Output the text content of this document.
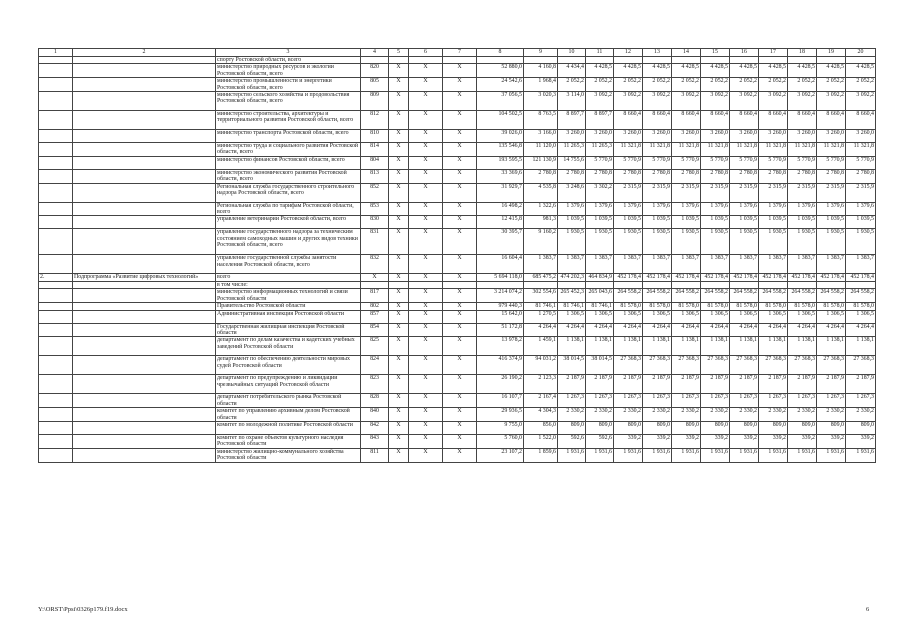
1	2	3	4	5	6	7	8	9	10	11	12	13	14	15	16	17	18	19	20
		спорту Ростовской области, всего																	
		министерство природных ресурсов и экологии Ростовской области, всего	820	X	X	X	52 880,0	4 160,8	4 434,4	4 428,5	4 428,5	4 428,5	4 428,5	4 428,5	4 428,5	4 428,5	4 428,5	4 428,5	4 428,5
		министерство промышленности и энергетики Ростовской области, всего	805	X	X	X	24 542,6	1 968,4	2 052,2	2 052,2	2 052,2	2 052,2	2 052,2	2 052,2	2 052,2	2 052,2	2 052,2	2 052,2	2 052,2
		министерство сельского хозяйства и продовольствия Ростовской области, всего	809	X	X	X	37 056,5	3 020,3	3 114,0	3 092,2	3 092,2	3 092,2	3 092,2	3 092,2	3 092,2	3 092,2	3 092,2	3 092,2	3 092,2
		министерство строительства, архитектуры и территориального развития Ростовской области, всего	812	X	X	X	104 502,5	8 763,5	8 897,7	8 897,7	8 660,4	8 660,4	8 660,4	8 660,4	8 660,4	8 660,4	8 660,4	8 660,4	8 660,4
		министерство транспорта Ростовской области, всего	810	X	X	X	39 026,0	3 166,0	3 260,0	3 260,0	3 260,0	3 260,0	3 260,0	3 260,0	3 260,0	3 260,0	3 260,0	3 260,0	3 260,0
		министерство труда и социального развития Ростовской области, всего	814	X	X	X	135 546,8	11 120,0	11 265,3	11 265,3	11 321,8	11 321,8	11 321,8	11 321,8	11 321,8	11 321,8	11 321,8	11 321,8	11 321,8
		министерство финансов Ростовской области, всего	804	X	X	X	193 595,5	121 130,9	14 755,6	5 770,9	5 770,9	5 770,9	5 770,9	5 770,9	5 770,9	5 770,9	5 770,9	5 770,9	5 770,9
		министерство экономического развития Ростовской области, всего	813	X	X	X	33 369,6	2 780,8	2 780,8	2 780,8	2 780,8	2 780,8	2 780,8	2 780,8	2 780,8	2 780,8	2 780,8	2 780,8	2 780,8
		Региональная служба государственного строительного надзора Ростовской области, всего	852	X	X	X	31 929,7	4 535,8	3 248,6	3 302,2	2 315,9	2 315,9	2 315,9	2 315,9	2 315,9	2 315,9	2 315,9	2 315,9	2 315,9
		Региональная служба по тарифам Ростовской области, всего	853	X	X	X	16 498,2	1 322,6	1 379,6	1 379,6	1 379,6	1 379,6	1 379,6	1 379,6	1 379,6	1 379,6	1 379,6	1 379,6	1 379,6
		управление ветеринарии Ростовской области, всего	830	X	X	X	12 415,8	981,3	1 039,5	1 039,5	1 039,5	1 039,5	1 039,5	1 039,5	1 039,5	1 039,5	1 039,5	1 039,5	1 039,5
		управление государственного надзора за техническим состоянием самоходных машин и других видов техники Ростовской области, всего	831	X	X	X	30 395,7	9 160,2	1 930,5	1 930,5	1 930,5	1 930,5	1 930,5	1 930,5	1 930,5	1 930,5	1 930,5	1 930,5	1 930,5
		управление государственной службы занятости населения Ростовской области, всего	832	X	X	X	16 604,4	1 383,7	1 383,7	1 383,7	1 383,7	1 383,7	1 383,7	1 383,7	1 383,7	1 383,7	1 383,7	1 383,7	1 383,7
2.	Подпрограмма «Развитие цифровых технологий»	всего	X	X	X	X	5 694 118,0	685 475,2	474 202,3	464 834,9	452 178,4	452 178,4	452 178,4	452 178,4	452 178,4	452 178,4	452 178,4	452 178,4	452 178,4
		в том числе:																	
		министерство информационных технологий и связи Ростовской области	817	X	X	X	3 214 074,2	302 554,6	265 452,3	265 043,6	264 558,2	264 558,2	264 558,2	264 558,2	264 558,2	264 558,2	264 558,2	264 558,2	264 558,2
		Правительство Ростовской области	802	X	X	X	979 440,3	81 746,1	81 746,1	81 746,1	81 578,0	81 578,0	81 578,0	81 578,0	81 578,0	81 578,0	81 578,0	81 578,0	81 578,0
		Административная инспекция Ростовской области	857	X	X	X	15 642,0	1 270,5	1 306,5	1 306,5	1 306,5	1 306,5	1 306,5	1 306,5	1 306,5	1 306,5	1 306,5	1 306,5	1 306,5
		Государственная жилищная инспекция Ростовской области	854	X	X	X	51 172,8	4 264,4	4 264,4	4 264,4	4 264,4	4 264,4	4 264,4	4 264,4	4 264,4	4 264,4	4 264,4	4 264,4	4 264,4
		департамент по делам казачества и кадетских учебных заведений Ростовской области	825	X	X	X	13 978,2	1 459,1	1 138,1	1 138,1	1 138,1	1 138,1	1 138,1	1 138,1	1 138,1	1 138,1	1 138,1	1 138,1	1 138,1
		департамент по обеспечению деятельности мировых судей Ростовской области	824	X	X	X	416 374,9	94 031,2	38 014,5	38 014,5	27 368,3	27 368,3	27 368,3	27 368,3	27 368,3	27 368,3	27 368,3	27 368,3	27 368,3
		департамент по предупреждению и ликвидации чрезвычайных ситуаций Ростовской области	823	X	X	X	26 190,2	2 123,3	2 187,9	2 187,9	2 187,9	2 187,9	2 187,9	2 187,9	2 187,9	2 187,9	2 187,9	2 187,9	2 187,9
		департамент потребительского рынка Ростовской области	828	X	X	X	16 107,7	2 167,4	1 267,3	1 267,3	1 267,3	1 267,3	1 267,3	1 267,3	1 267,3	1 267,3	1 267,3	1 267,3	1 267,3
		комитет по управлению архивным делом Ростовской области	840	X	X	X	29 936,5	4 304,3	2 330,2	2 330,2	2 330,2	2 330,2	2 330,2	2 330,2	2 330,2	2 330,2	2 330,2	2 330,2	2 330,2
		комитет по молодежной политике Ростовской области	842	X	X	X	9 755,0	856,0	809,0	809,0	809,0	809,0	809,0	809,0	809,0	809,0	809,0	809,0	809,0
		комитет по охране объектов культурного наследия Ростовской области	843	X	X	X	5 760,0	1 522,0	592,6	592,6	339,2	339,2	339,2	339,2	339,2	339,2	339,2	339,2	339,2
		министерство жилищно-коммунального хозяйства Ростовской области	811	X	X	X	23 107,2	1 859,6	1 931,6	1 931,6	1 931,6	1 931,6	1 931,6	1 931,6	1 931,6	1 931,6	1 931,6	1 931,6	1 931,6
Y:\ORST\Ppsi\0326p179.f19.docx	6
